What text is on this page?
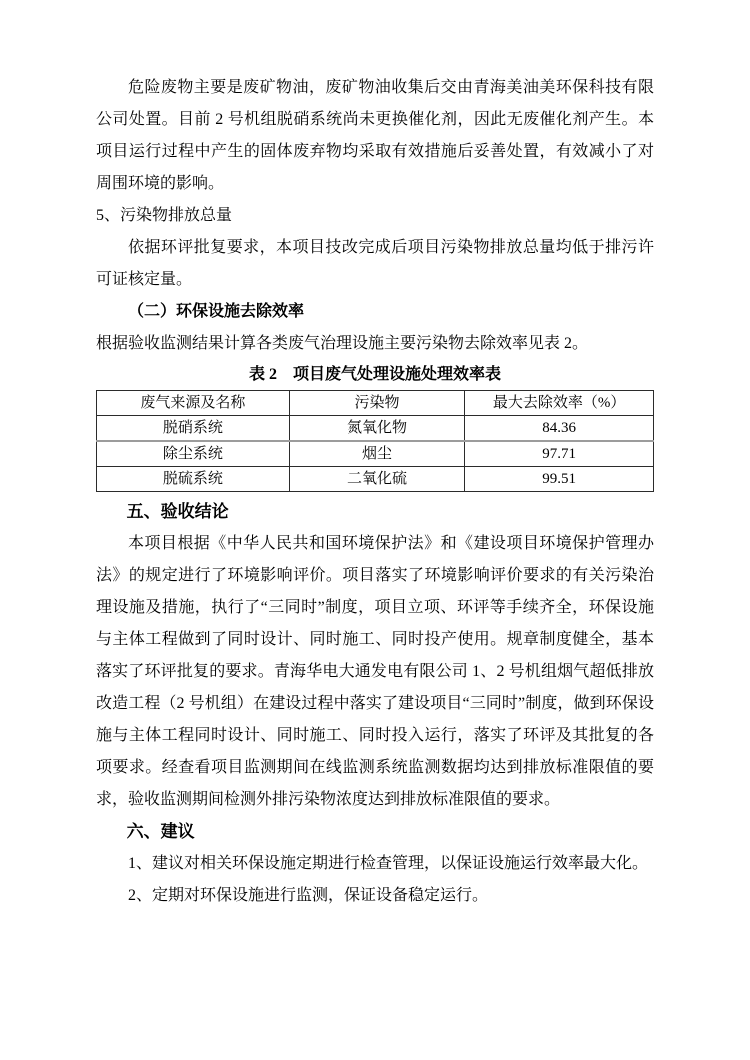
危险废物主要是废矿物油，废矿物油收集后交由青海美油美环保科技有限公司处置。目前 2 号机组脱硝系统尚未更换催化剂，因此无废催化剂产生。本项目运行过程中产生的固体废弃物均采取有效措施后妥善处置，有效减小了对周围环境的影响。

5、污染物排放总量

依据环评批复要求，本项目技改完成后项目污染物排放总量均低于排污许可证核定量。

（二）环保设施去除效率

根据验收监测结果计算各类废气治理设施主要污染物去除效率见表 2。

表 2　项目废气处理设施处理效率表

废气来源及名称	污染物	最大去除效率（%）
脱硝系统	氮氧化物	84.36
除尘系统	烟尘	97.71
脱硫系统	二氧化硫	99.51

五、验收结论

本项目根据《中华人民共和国环境保护法》和《建设项目环境保护管理办法》的规定进行了环境影响评价。项目落实了环境影响评价要求的有关污染治理设施及措施，执行了“三同时”制度，项目立项、环评等手续齐全，环保设施与主体工程做到了同时设计、同时施工、同时投产使用。规章制度健全，基本落实了环评批复的要求。青海华电大通发电有限公司 1、2 号机组烟气超低排放改造工程（2 号机组）在建设过程中落实了建设项目“三同时”制度，做到环保设施与主体工程同时设计、同时施工、同时投入运行，落实了环评及其批复的各项要求。经查看项目监测期间在线监测系统监测数据均达到排放标准限值的要求，验收监测期间检测外排污染物浓度达到排放标准限值的要求。

六、建议

1、建议对相关环保设施定期进行检查管理，以保证设施运行效率最大化。

2、定期对环保设施进行监测，保证设备稳定运行。
